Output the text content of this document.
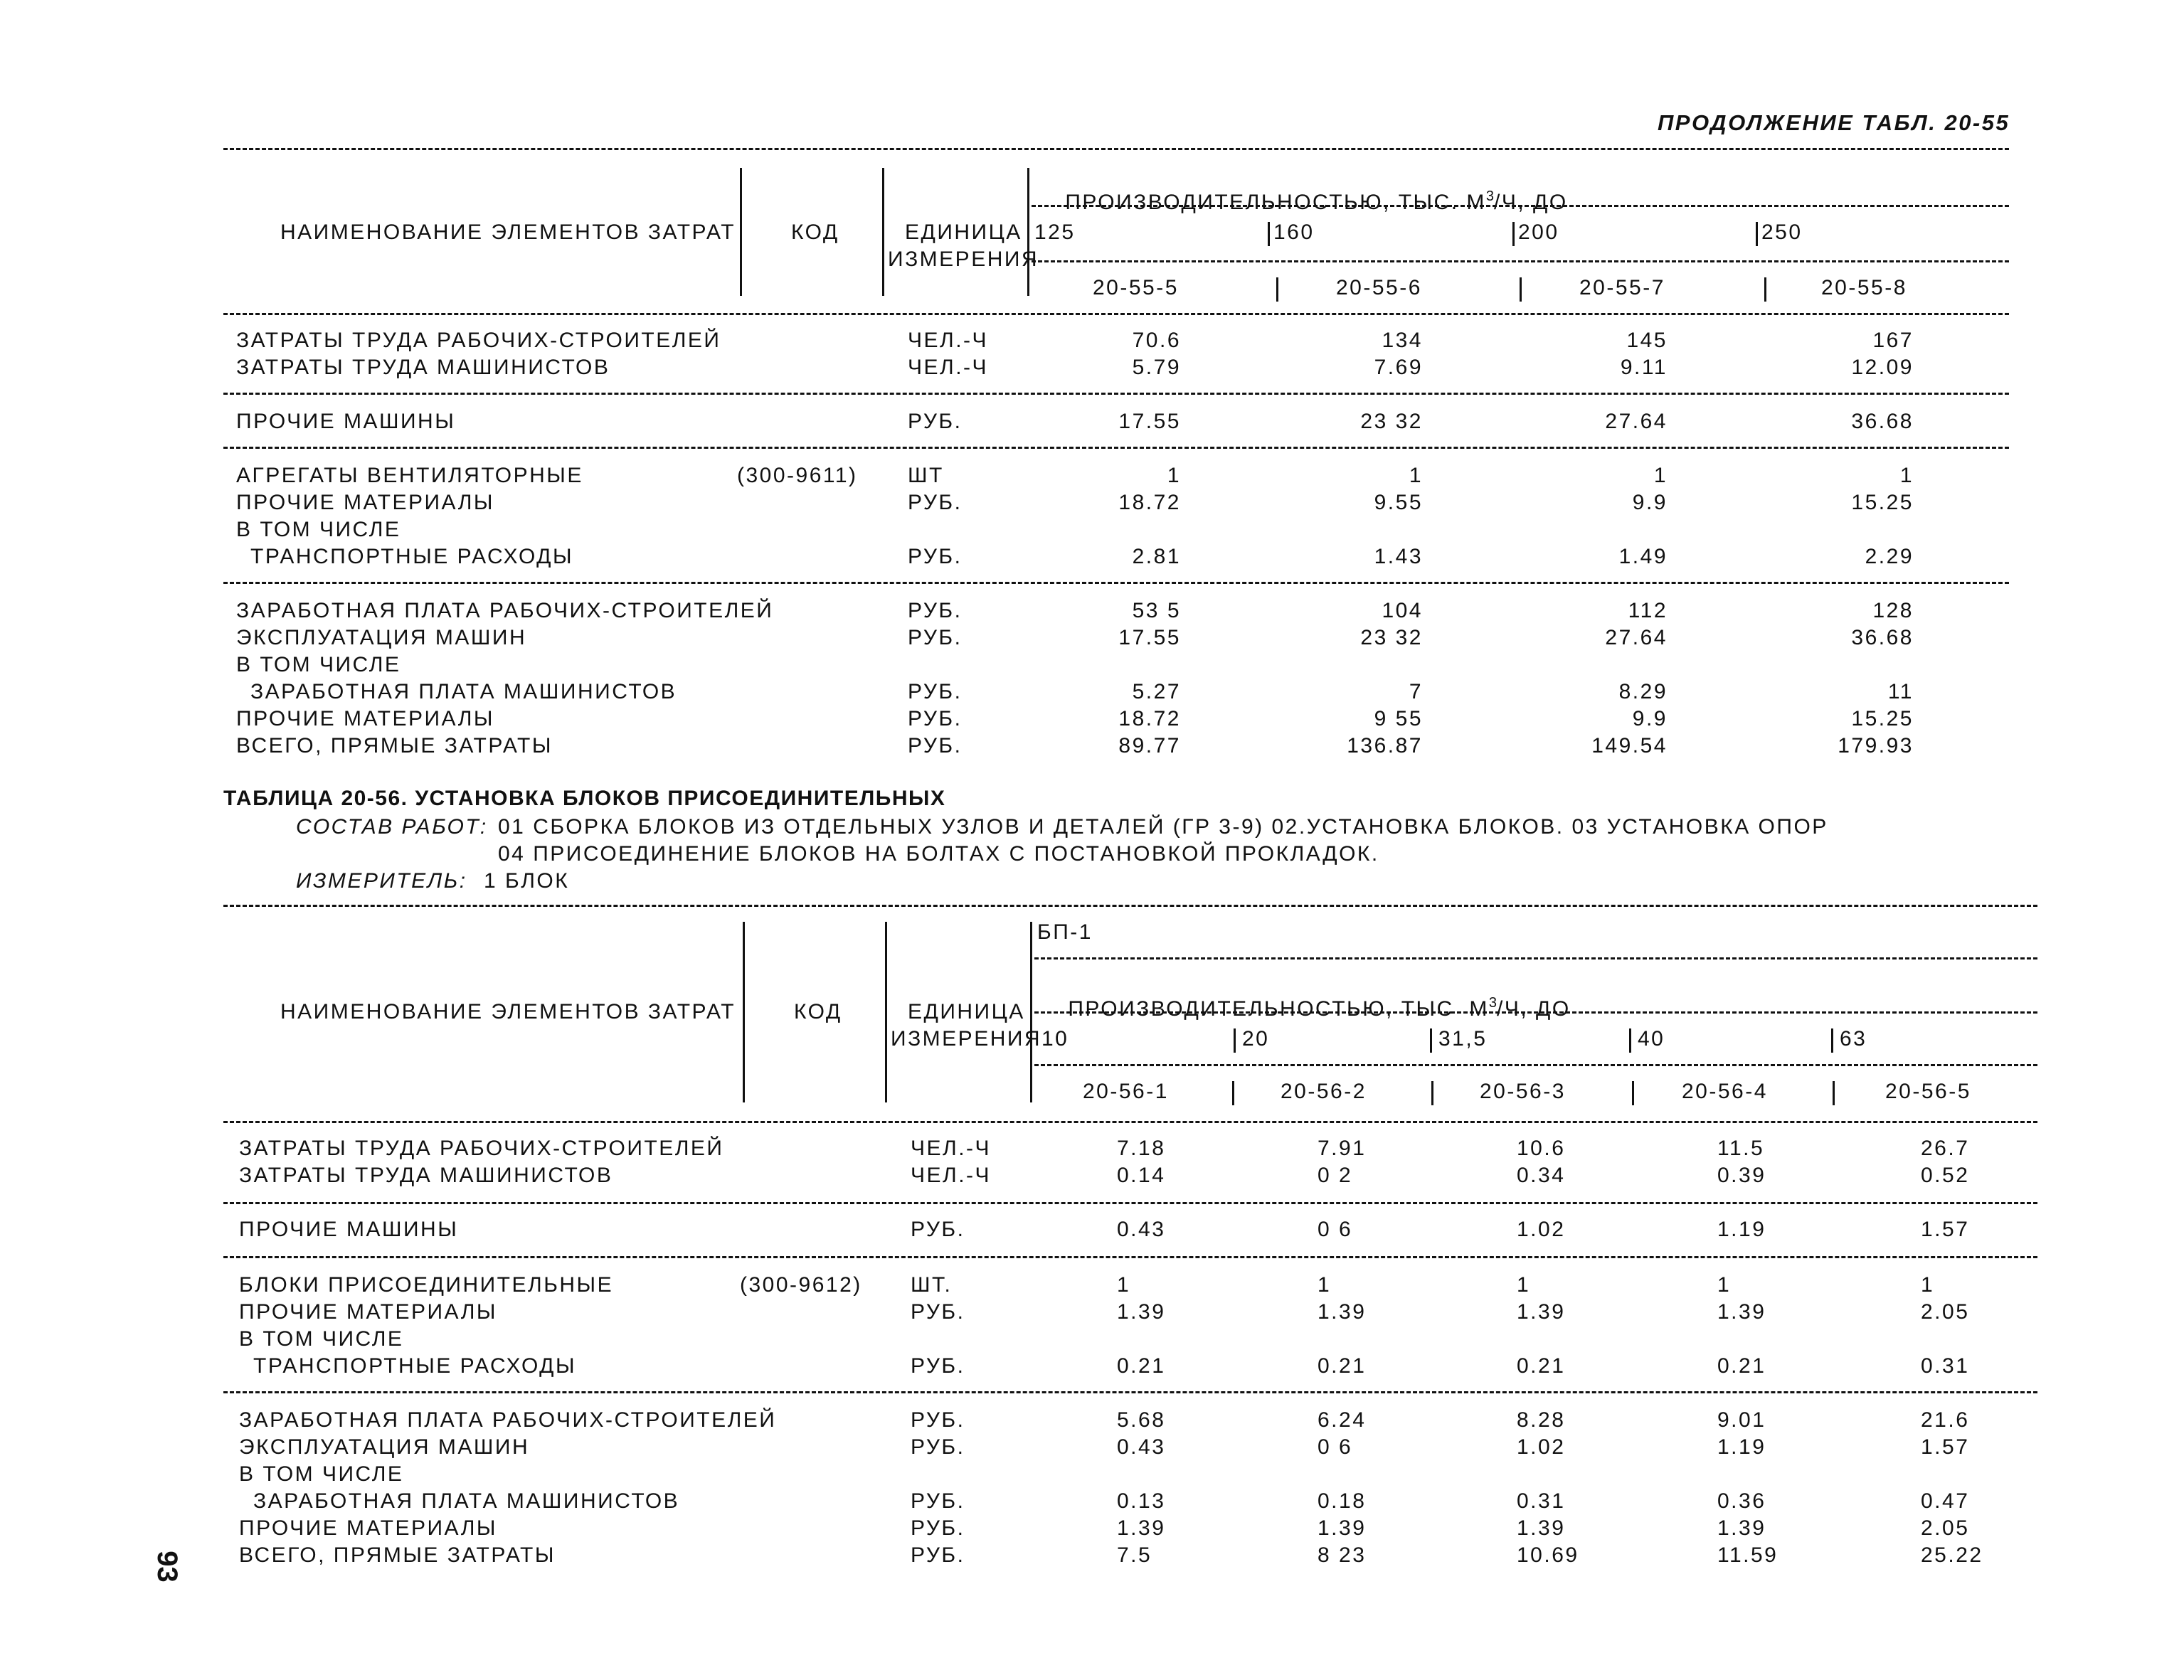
ПРОДОЛЖЕНИЕ ТАБЛ. 20-55

ПРОИЗВОДИТЕЛЬНОСТЬЮ, ТЫС. $М^3/Ч$, ДО

НАИМЕНОВАНИЕ ЭЛЕМЕНТОВ ЗАТРАТ	КОД	ЕДИНИЦА
ИЗМЕРЕНИЯ
125	160	200	250
20-55-5	20-55-6	20-55-7	20-55-8
ЗАТРАТЫ ТРУДА РАБОЧИХ-СТРОИТЕЛЕЙ	ЧЕЛ.-Ч	70.6	134	145	167
ЗАТРАТЫ ТРУДА МАШИНИСТОВ	ЧЕЛ.-Ч	5.79	7.69	9.11	12.09
ПРОЧИЕ МАШИНЫ	РУБ.	17.55	23 32	27.64	36.68
АГРЕГАТЫ ВЕНТИЛЯТОРНЫЕ	(300-9611) ШТ	1	1	1	1
ПРОЧИЕ МАТЕРИАЛЫ	РУБ.	18.72	9.55	9.9	15.25
В ТОМ ЧИСЛЕ
ТРАНСПОРТНЫЕ РАСХОДЫ	РУБ.	2.81	1.43	1.49	2.29
ЗАРАБОТНАЯ ПЛАТА РАБОЧИХ-СТРОИТЕЛЕЙ	РУБ.	53 5	104	112	128
ЭКСПЛУАТАЦИЯ МАШИН	РУБ.	17.55	23 32	27.64	36.68
В ТОМ ЧИСЛЕ
ЗАРАБОТНАЯ ПЛАТА МАШИНИСТОВ	РУБ.	5.27	7	8.29	11
ПРОЧИЕ МАТЕРИАЛЫ	РУБ.	18.72	9 55	9.9	15.25
ВСЕГО, ПРЯМЫЕ ЗАТРАТЫ	РУБ.	89.77	136.87	149.54	179.93
ТАБЛИЦА 20-56. УСТАНОВКА БЛОКОВ ПРИСОЕДИНИТЕЛЬНЫХ
СОСТАВ РАБОТ: 01 СБОРКА БЛОКОВ ИЗ ОТДЕЛЬНЫХ УЗЛОВ И ДЕТАЛЕЙ (ГР 3-9) 02.УСТАНОВКА БЛОКОВ. 03 УСТАНОВКА ОПОР
04 ПРИСОЕДИНЕНИЕ БЛОКОВ НА БОЛТАХ С ПОСТАНОВКОЙ ПРОКЛАДОК.
ИЗМЕРИТЕЛЬ: 1 БЛОК
БП-1

ПРОИЗВОДИТЕЛЬНОСТЬЮ, ТЫС  $М^3/Ч$, ДО

НАИМЕНОВАНИЕ ЭЛЕМЕНТОВ ЗАТРАТ	КОД	ЕДИНИЦА
ИЗМЕРЕНИЯ 10	20	31,5	40	63
20-56-1	20-56-2	20-56-3	20-56-4	20-56-5
ЗАТРАТЫ ТРУДА РАБОЧИХ-СТРОИТЕЛЕЙ	ЧЕЛ.-Ч	7.18	7.91	10.6	11.5	26.7
ЗАТРАТЫ ТРУДА МАШИНИСТОВ	ЧЕЛ.-Ч	0.14	0 2	0.34	0.39	0.52
ПРОЧИЕ МАШИНЫ	РУБ.	0.43	0 6	1.02	1.19	1.57
БЛОКИ ПРИСОЕДИНИТЕЛЬНЫЕ	(300-9612) ШТ.	1	1	1	1	1
ПРОЧИЕ МАТЕРИАЛЫ	РУБ.	1.39	1.39	1.39	1.39	2.05
В ТОМ ЧИСЛЕ
ТРАНСПОРТНЫЕ РАСХОДЫ	РУБ.	0.21	0.21	0.21	0.21	0.31
ЗАРАБОТНАЯ ПЛАТА РАБОЧИХ-СТРОИТЕЛЕЙ	РУБ.	5.68	6.24	8.28	9.01	21.6
ЭКСПЛУАТАЦИЯ МАШИН	РУБ.	0.43	0 6	1.02	1.19	1.57
В ТОМ ЧИСЛЕ
ЗАРАБОТНАЯ ПЛАТА МАШИНИСТОВ	РУБ.	0.13	0.18	0.31	0.36	0.47
ПРОЧИЕ МАТЕРИАЛЫ	РУБ.	1.39	1.39	1.39	1.39	2.05
ВСЕГО, ПРЯМЫЕ ЗАТРАТЫ	РУБ.	7.5	8 23	10.69	11.59	25.22
93
